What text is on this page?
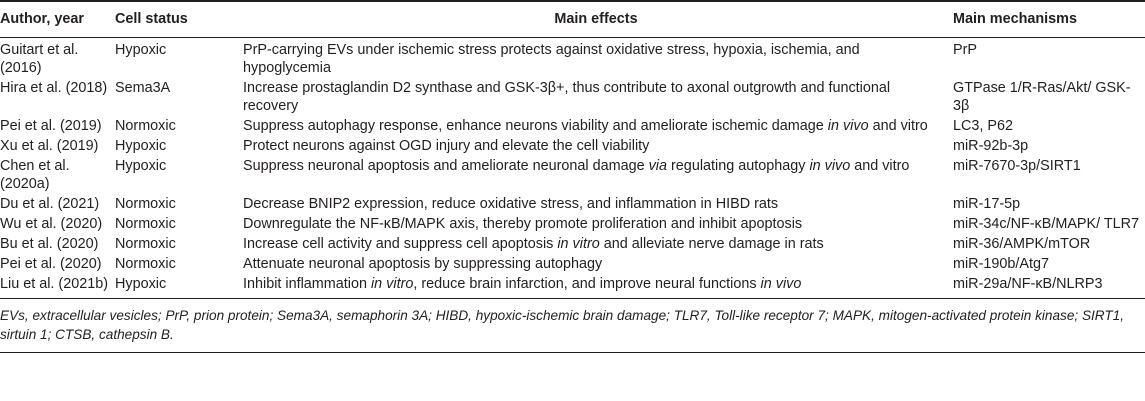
Author, year	Cell status	Main effects	Main mechanisms
Guitart et al. (2016)	Hypoxic	PrP-carrying EVs under ischemic stress protects against oxidative stress, hypoxia, ischemia, and hypoglycemia	PrP
Hira et al. (2018)	Sema3A	Increase prostaglandin D2 synthase and GSK-3β+, thus contribute to axonal outgrowth and functional recovery	GTPase 1/R-Ras/Akt/ GSK-3β
Pei et al. (2019)	Normoxic	Suppress autophagy response, enhance neurons viability and ameliorate ischemic damage in vivo and vitro	LC3, P62
Xu et al. (2019)	Hypoxic	Protect neurons against OGD injury and elevate the cell viability	miR-92b-3p
Chen et al. (2020a)	Hypoxic	Suppress neuronal apoptosis and ameliorate neuronal damage via regulating autophagy in vivo and vitro	miR-7670-3p/SIRT1
Du et al. (2021)	Normoxic	Decrease BNIP2 expression, reduce oxidative stress, and inflammation in HIBD rats	miR-17-5p
Wu et al. (2020)	Normoxic	Downregulate the NF-κB/MAPK axis, thereby promote proliferation and inhibit apoptosis	miR-34c/NF-κB/MAPK/ TLR7
Bu et al. (2020)	Normoxic	Increase cell activity and suppress cell apoptosis in vitro and alleviate nerve damage in rats	miR-36/AMPK/mTOR
Pei et al. (2020)	Normoxic	Attenuate neuronal apoptosis by suppressing autophagy	miR-190b/Atg7
Liu et al. (2021b)	Hypoxic	Inhibit inflammation in vitro, reduce brain infarction, and improve neural functions in vivo	miR-29a/NF-κB/NLRP3
EVs, extracellular vesicles; PrP, prion protein; Sema3A, semaphorin 3A; HIBD, hypoxic-ischemic brain damage; TLR7, Toll-like receptor 7; MAPK, mitogen-activated protein kinase; SIRT1, sirtuin 1; CTSB, cathepsin B.
